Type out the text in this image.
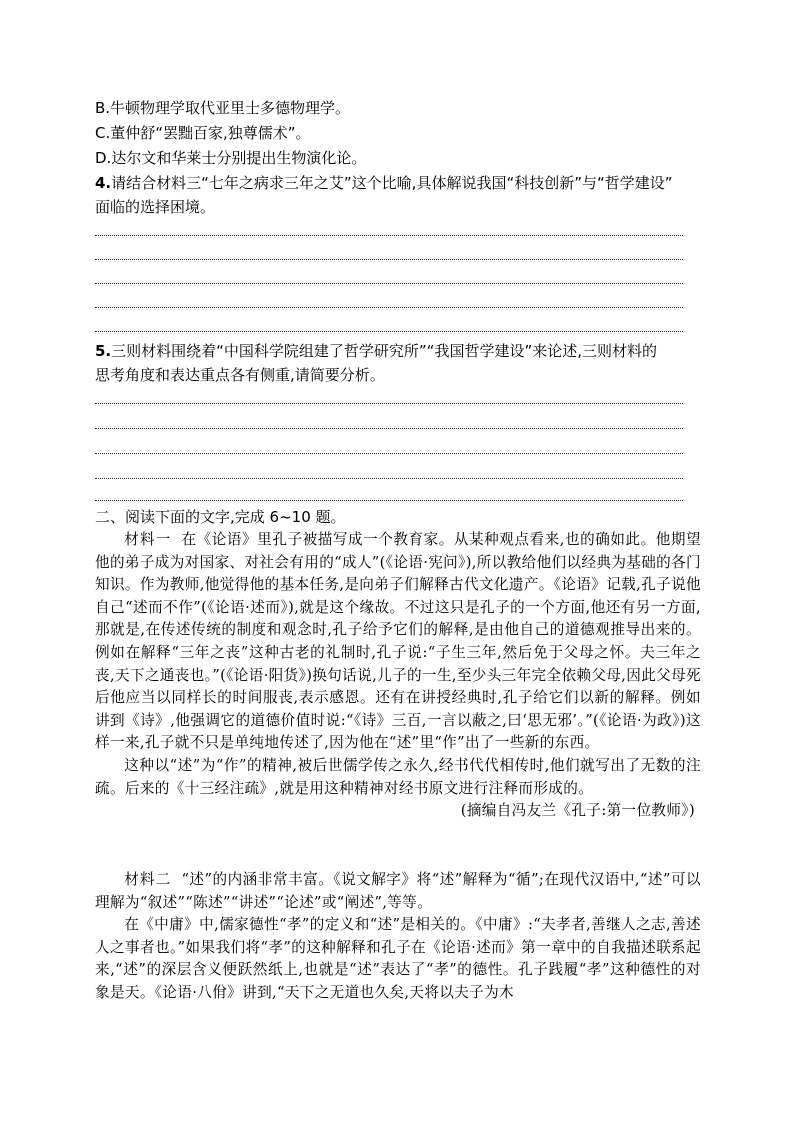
B.牛顿物理学取代亚里士多德物理学。
C.董仲舒“罢黜百家,独尊儒术”。
D.达尔文和华莱士分别提出生物演化论。
4.请结合材料三“七年之病求三年之艾”这个比喻,具体解说我国“科技创新”与“哲学建设”
面临的选择困境。
5.三则材料围绕着“中国科学院组建了哲学研究所”“我国哲学建设”来论述,三则材料的
思考角度和表达重点各有侧重,请简要分析。
二、阅读下面的文字,完成 6~10 题。

材料一 在《论语》里孔子被描写成一个教育家。从某种观点看来,也的确如此。他期望他的弟子成为对国家、对社会有用的“成人”(《论语·宪问》),所以教给他们以经典为基础的各门知识。作为教师,他觉得他的基本任务,是向弟子们解释古代文化遗产。《论语》记载,孔子说他自己“述而不作”(《论语·述而》),就是这个缘故。不过这只是孔子的一个方面,他还有另一方面,那就是,在传述传统的制度和观念时,孔子给予它们的解释,是由他自己的道德观推导出来的。例如在解释“三年之丧”这种古老的礼制时,孔子说:“子生三年,然后免于父母之怀。夫三年之丧,天下之通丧也。”(《论语·阳货》)换句话说,儿子的一生,至少头三年完全依赖父母,因此父母死后他应当以同样长的时间服丧,表示感恩。还有在讲授经典时,孔子给它们以新的解释。例如讲到《诗》,他强调它的道德价值时说:“《诗》三百,一言以蔽之,曰‘思无邪’。”(《论语·为政》)这样一来,孔子就不只是单纯地传述了,因为他在“述”里“作”出了一些新的东西。

这种以“述”为“作”的精神,被后世儒学传之永久,经书代代相传时,他们就写出了无数的注疏。后来的《十三经注疏》,就是用这种精神对经书原文进行注释而形成的。

(摘编自冯友兰《孔子:第一位教师》)

材料二 “述”的内涵非常丰富。《说文解字》将“述”解释为“循”;在现代汉语中,“述”可以理解为“叙述”“陈述”“讲述”“论述”或“阐述”,等等。

在《中庸》中,儒家德性“孝”的定义和“述”是相关的。《中庸》:“夫孝者,善继人之志,善述人之事者也。”如果我们将“孝”的这种解释和孔子在《论语·述而》第一章中的自我描述联系起来,“述”的深层含义便跃然纸上,也就是“述”表达了“孝”的德性。孔子践履“孝”这种德性的对象是天。《论语·八佾》讲到,“天下之无道也久矣,天将以夫子为木
